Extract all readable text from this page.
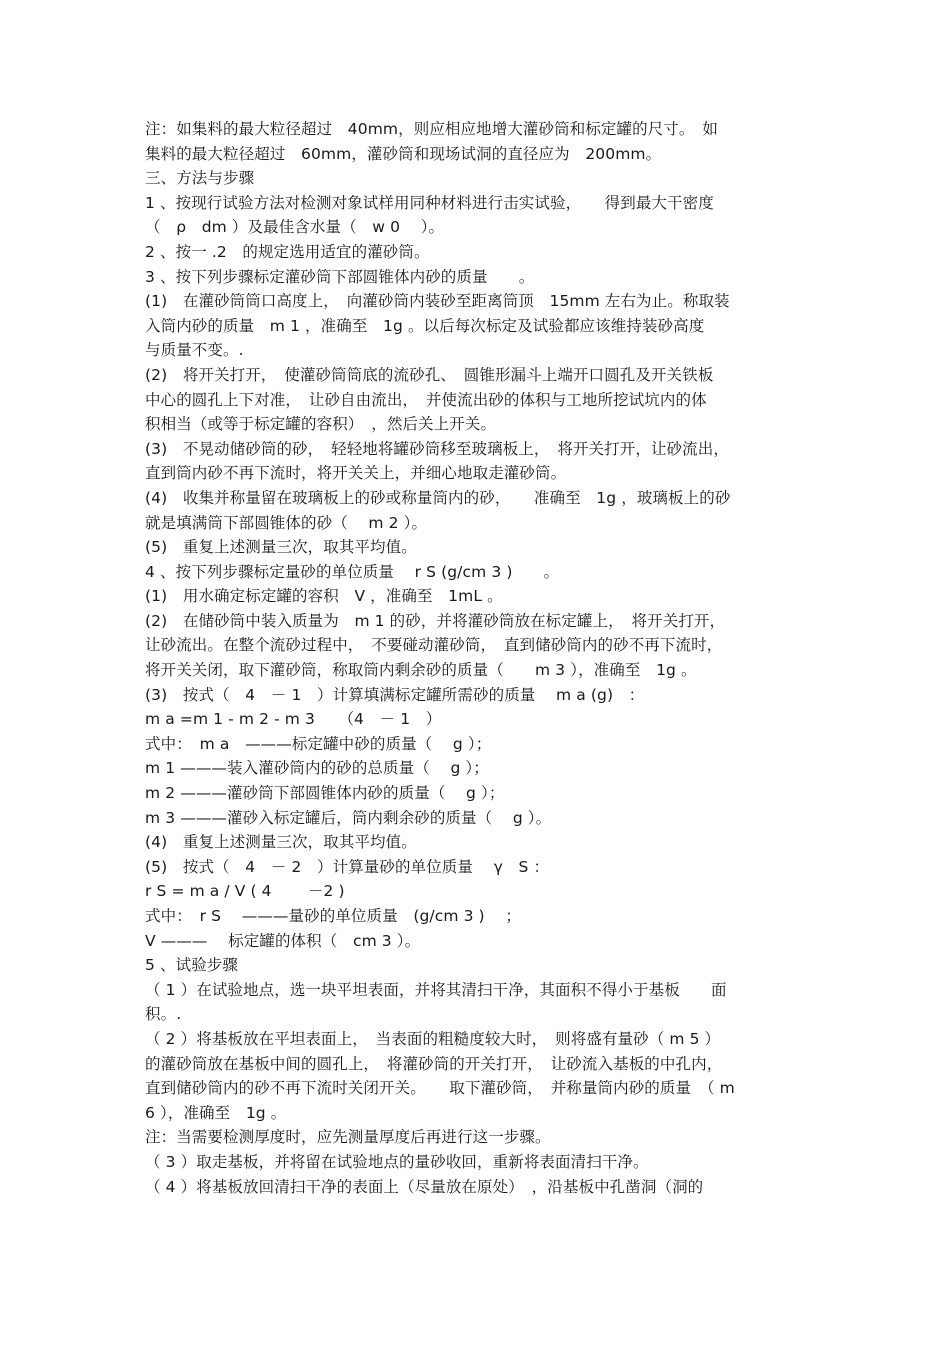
注：如集料的最大粒径超过　40mm，则应相应地增大灌砂筒和标定罐的尺寸。　如
集料的最大粒径超过　60mm，灌砂筒和现场试洞的直径应为　200mm。
三、方法与步骤
1 、按现行试验方法对检测对象试样用同种材料进行击实试验，　　得到最大干密度
（　ρ　dm ）及最佳含水量（　w 0 　）。
2 、按一 .2　的规定选用适宜的灌砂筒。
3 、按下列步骤标定灌砂筒下部圆锥体内砂的质量　　。
(1)　在灌砂筒筒口高度上，　向灌砂筒内装砂至距离筒顶　15mm 左右为止。称取装
入筒内砂的质量　m 1 ，准确至　1g 。以后每次标定及试验都应该维持装砂高度
与质量不变。.
(2)　将开关打开，　使灌砂筒筒底的流砂孔、　圆锥形漏斗上端开口圆孔及开关铁板
中心的圆孔上下对准，　让砂自由流出，　并使流出砂的体积与工地所挖试坑内的体
积相当（或等于标定罐的容积）　，然后关上开关。
(3)　不晃动储砂筒的砂，　轻轻地将罐砂筒移至玻璃板上，　将开关打开，让砂流出，
直到筒内砂不再下流时，将开关关上，并细心地取走灌砂筒。
(4)　收集并称量留在玻璃板上的砂或称量筒内的砂，　　准确至　1g ，玻璃板上的砂
就是填满筒下部圆锥体的砂（　 m 2 ）。
(5)　重复上述测量三次，取其平均值。
4 、按下列步骤标定量砂的单位质量　 r S (g/cm 3 )　　。
(1)　用水确定标定罐的容积　V ，准确至　1mL 。
(2)　在储砂筒中装入质量为　m 1 的砂，并将灌砂筒放在标定罐上，　将开关打开，
让砂流出。在整个流砂过程中，　不要碰动灌砂筒，　直到储砂筒内的砂不再下流时，
将开关关闭，取下灌砂筒，称取筒内剩余砂的质量（　　m 3 ），准确至　1g 。
(3)　按式（　4　－ 1　）计算填满标定罐所需砂的质量　 m a (g)　：
m a =m 1 - m 2 - m 3　　（4　－ 1　）
式中：　m a　———标定罐中砂的质量（　 g ）；
m 1 ———装入灌砂筒内的砂的总质量（　 g ）；
m 2 ———灌砂筒下部圆锥体内砂的质量（　 g ）；
m 3 ———灌砂入标定罐后，筒内剩余砂的质量（　 g ）。
(4)　重复上述测量三次，取其平均值。
(5)　按式（　4　－ 2　）计算量砂的单位质量　 γ　S ：
r S = m a / V ( 4　　 －2 )
式中：　r S　 ———量砂的单位质量　(g/cm 3 )　 ；
V ——— 　标定罐的体积（　cm 3 ）。
5 、试验步骤
（ 1 ）在试验地点，选一块平坦表面，并将其清扫干净，其面积不得小于基板　　面
积。.
（ 2 ）将基板放在平坦表面上，　当表面的粗糙度较大时，　则将盛有量砂（ m 5 ）
的灌砂筒放在基板中间的圆孔上，　将灌砂筒的开关打开，　让砂流入基板的中孔内，
直到储砂筒内的砂不再下流时关闭开关。　　取下灌砂筒，　并称量筒内砂的质量　（ m
6 ），准确至　1g 。
注：当需要检测厚度时，应先测量厚度后再进行这一步骤。
（ 3 ）取走基板，并将留在试验地点的量砂收回，重新将表面清扫干净。
（ 4 ）将基板放回清扫干净的表面上（尽量放在原处）　，沿基板中孔凿洞（洞的
